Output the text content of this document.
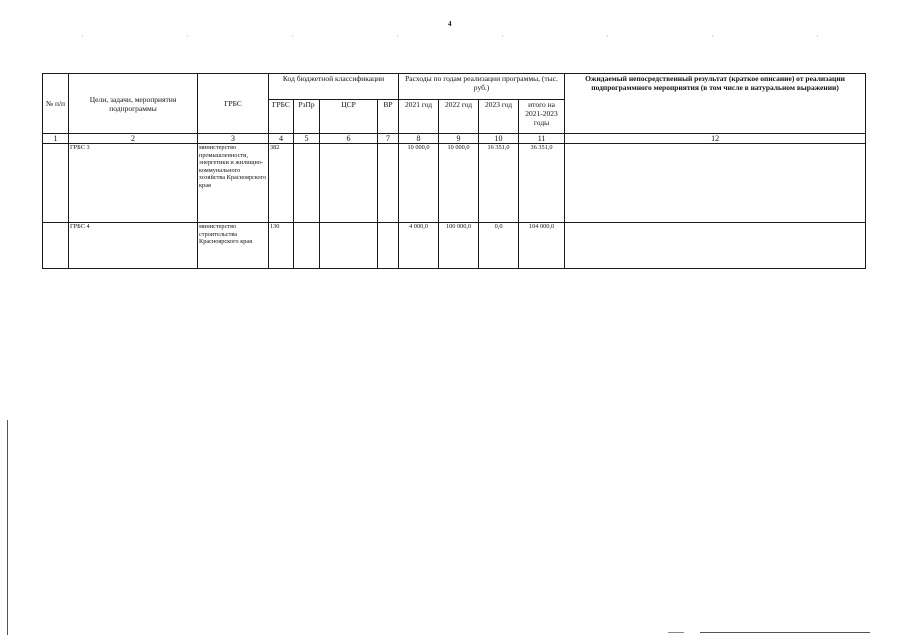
4
№ п/п	Цели, задачи, мероприятия подпрограммы	ГРБС	Код бюджетной классификации				Расходы по годам реализации программы, (тыс. руб.)				Ожидаемый непосредственный результат (краткое описание) от реализации подпрограммного мероприятия (в том числе в натуральном выражении)

			ГРБС	РзПр	ЦСР	ВР	2021 год	2022 год	2023 год	итого на 2021-2023 годы	
1	2	3	4	5	6	7	8	9	10	11	12
	ГРБС 3	министерство промышленности, энергетики и жилищно-коммунального хозяйства Красноярского края	382				10 000,0	10 000,0	16 351,0	36 351,0	
	ГРБС 4	министерство строительства Красноярского края	130				4 000,0	100 000,0	0,0	104 000,0	
